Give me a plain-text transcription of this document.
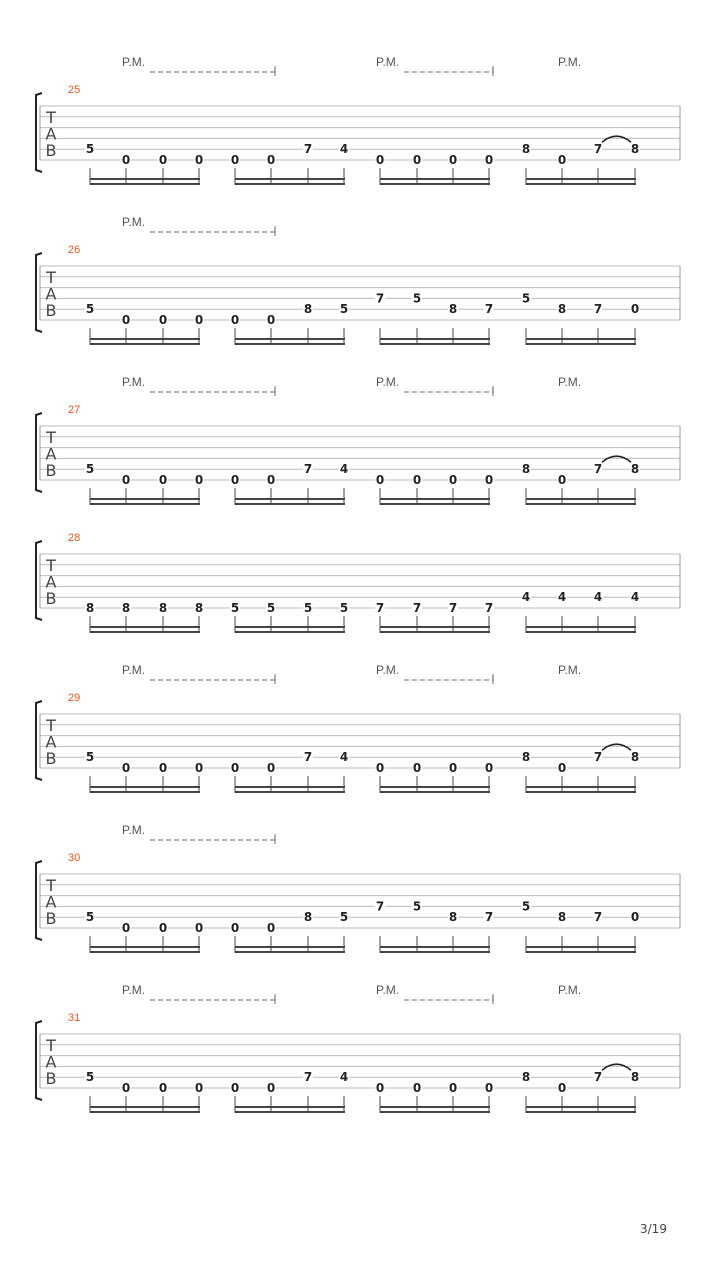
P.M.	P.M.	P.M.
25
T
A
B 5
0 0 0 0 0
7 4
0 0 0 0
8
0
7 8
P.M.
26
T
A
B 5
0 0 0 0 0
8 5
7 5
8 7
5
8 7 0
P.M.	P.M.	P.M.
27
T
A
B 5
0 0 0 0 0
7 4
0 0 0 0
8
0
7 8
28
T
A
B 8 8 8 8 5 5 5 5 7 7 7 7
4 4 4 4
P.M.	P.M.	P.M.
29
T
A
B 5
0 0 0 0 0
7 4
0 0 0 0
8
0
7 8
P.M.
30
T
A
B 5
0 0 0 0 0
8 5
7 5
8 7
5
8 7 0
P.M.	P.M.	P.M.
31
T
A
B 5
0 0 0 0 0
7 4
0 0 0 0
8
0
7 8
3/19
